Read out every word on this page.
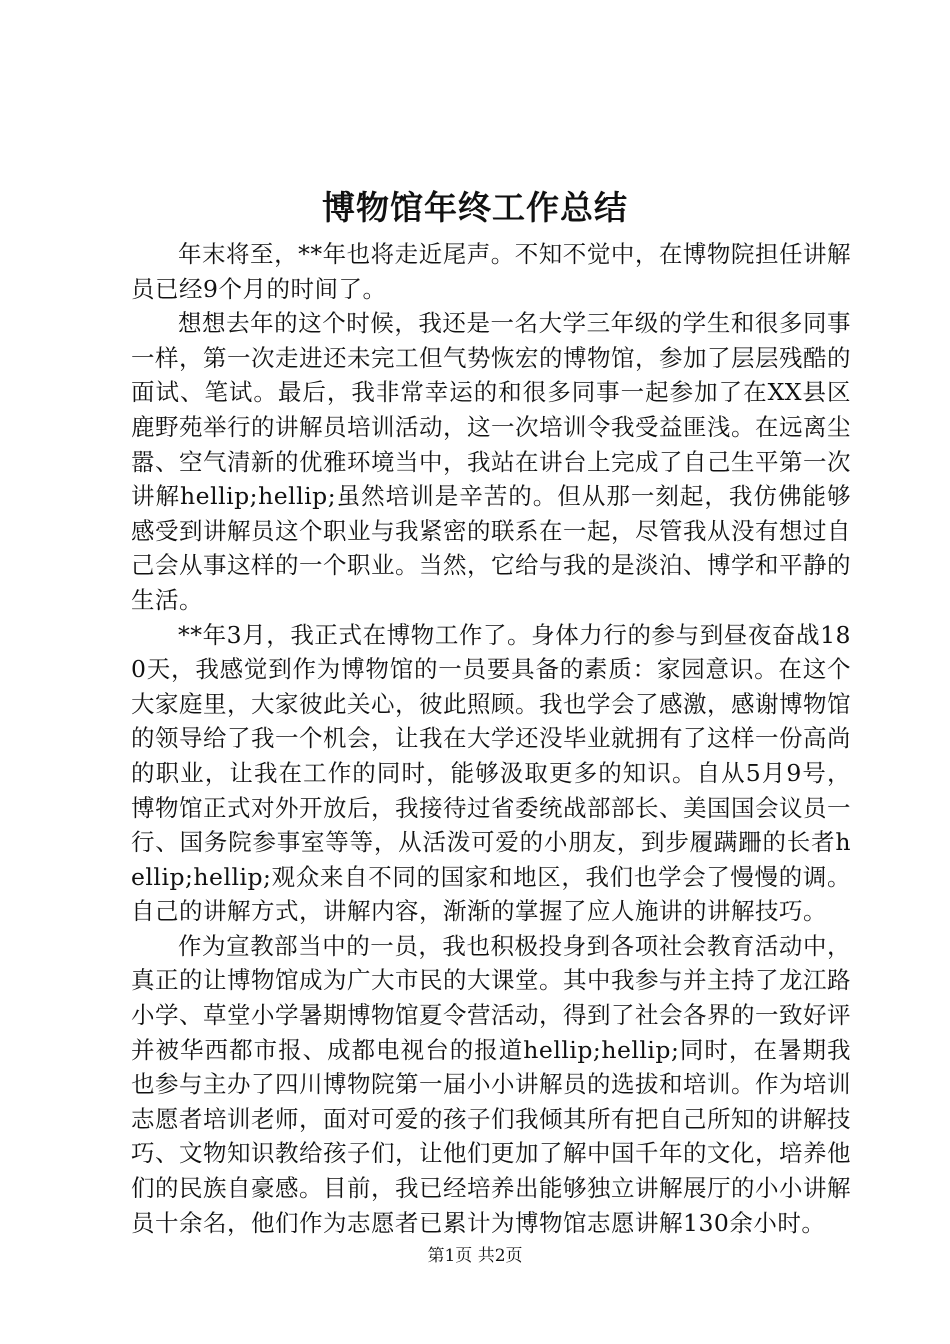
博物馆年终工作总结

年末将至，**年也将走近尾声。不知不觉中，在博物院担任讲解员已经9个月的时间了。

想想去年的这个时候，我还是一名大学三年级的学生和很多同事一样，第一次走进还未完工但气势恢宏的博物馆，参加了层层残酷的面试、笔试。最后，我非常幸运的和很多同事一起参加了在XX县区鹿野苑举行的讲解员培训活动，这一次培训令我受益匪浅。在远离尘嚣、空气清新的优雅环境当中，我站在讲台上完成了自己生平第一次讲解hellip;hellip;虽然培训是辛苦的。但从那一刻起，我仿佛能够感受到讲解员这个职业与我紧密的联系在一起，尽管我从没有想过自己会从事这样的一个职业。当然，它给与我的是淡泊、博学和平静的生活。

**年3月，我正式在博物工作了。身体力行的参与到昼夜奋战180天，我感觉到作为博物馆的一员要具备的素质：家园意识。在这个大家庭里，大家彼此关心，彼此照顾。我也学会了感激，感谢博物馆的领导给了我一个机会，让我在大学还没毕业就拥有了这样一份高尚的职业，让我在工作的同时，能够汲取更多的知识。自从5月9号，博物馆正式对外开放后，我接待过省委统战部部长、美国国会议员一行、国务院参事室等等，从活泼可爱的小朋友，到步履蹒跚的长者hellip;hellip;观众来自不同的国家和地区，我们也学会了慢慢的调。自己的讲解方式，讲解内容，渐渐的掌握了应人施讲的讲解技巧。

作为宣教部当中的一员，我也积极投身到各项社会教育活动中，真正的让博物馆成为广大市民的大课堂。其中我参与并主持了龙江路小学、草堂小学暑期博物馆夏令营活动，得到了社会各界的一致好评并被华西都市报、成都电视台的报道hellip;hellip;同时，在暑期我也参与主办了四川博物院第一届小小讲解员的选拔和培训。作为培训志愿者培训老师，面对可爱的孩子们我倾其所有把自己所知的讲解技巧、文物知识教给孩子们，让他们更加了解中国千年的文化，培养他们的民族自豪感。目前，我已经培养出能够独立讲解展厅的小小讲解员十余名，他们作为志愿者已累计为博物馆志愿讲解130余小时。

第1页 共2页
